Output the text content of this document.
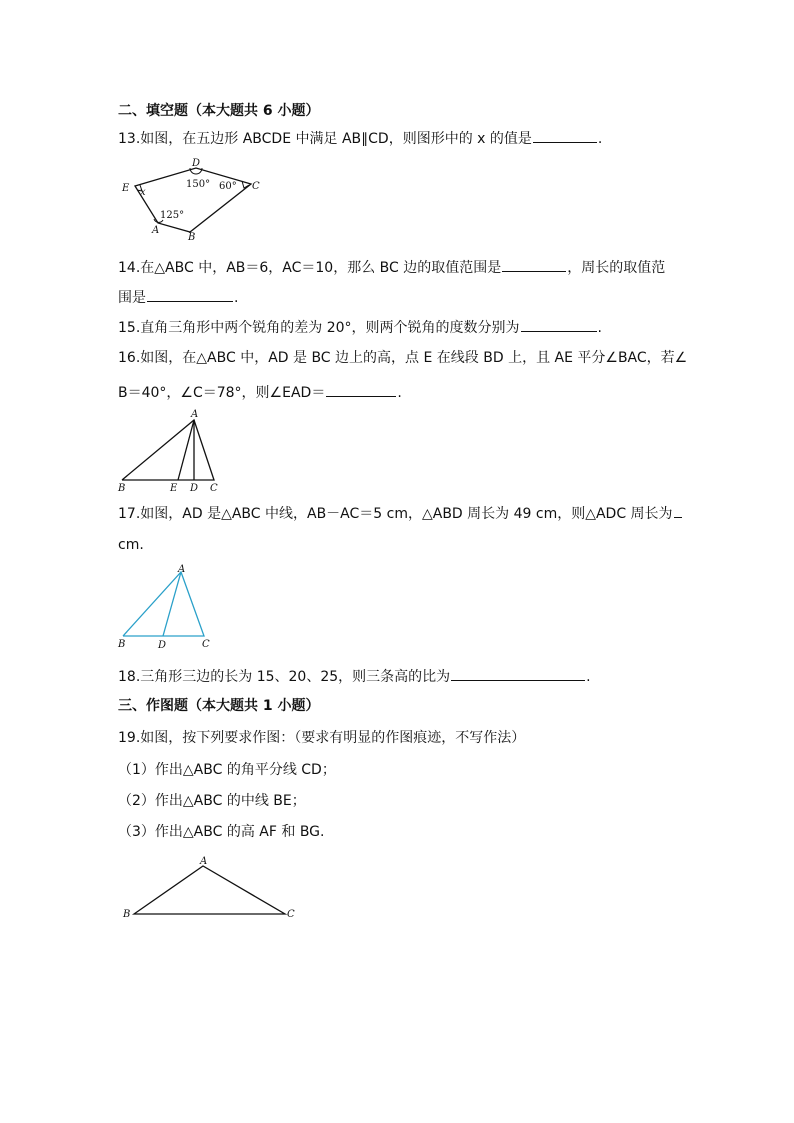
二、填空题（本大题共 6 小题）
13.如图，在五边形 ABCDE 中满足 AB∥CD，则图形中的 x 的值是	.
D
C
E x
A
B
150° 60°
125°
14.在△ABC 中，AB＝6，AC＝10，那么 BC 边的取值范围是	，周长的取值范
围是	.
15.直角三角形中两个锐角的差为 20°，则两个锐角的度数分别为	.
16.如图，在△ABC 中，AD 是 BC 边上的高，点 E 在线段 BD 上，且 AE 平分∠BAC，若∠
B＝40°，∠C＝78°，则∠EAD＝	.
A
B	E D C
17.如图，AD 是△ABC 中线，AB－AC＝5 cm，△ABD 周长为 49 cm，则△ADC 周长为
cm.
A
B	D	C
18.三角形三边的长为 15、20、25，则三条高的比为	.
三、作图题（本大题共 1 小题）
19.如图，按下列要求作图：（要求有明显的作图痕迹，不写作法）
（1）作出△ABC 的角平分线 CD；
（2）作出△ABC 的中线 BE；
（3）作出△ABC 的高 AF 和 BG.
A
B	C
